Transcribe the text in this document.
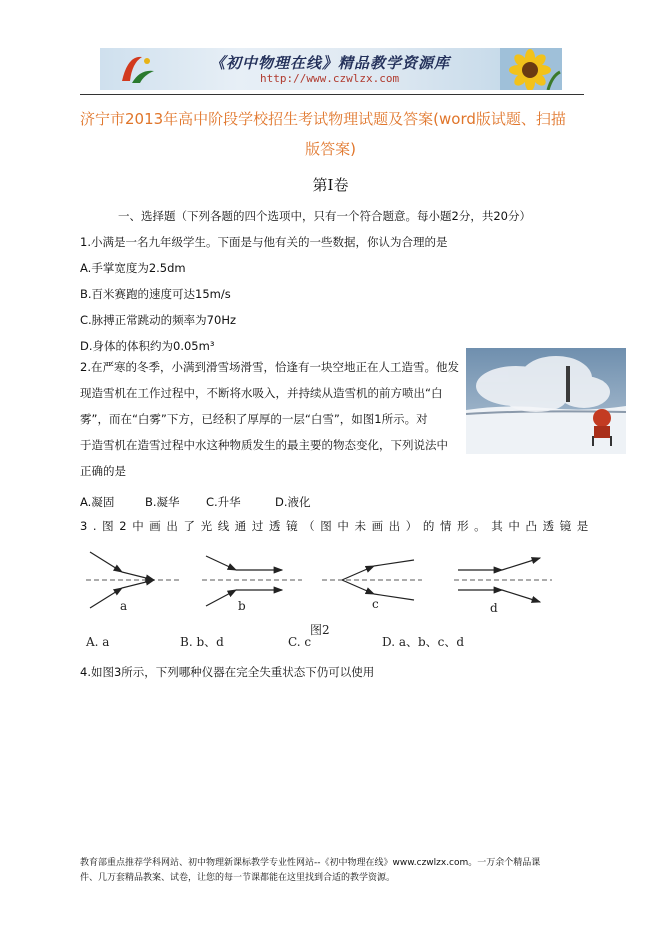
《初中物理在线》精品教学资源库
http://www.czwlzx.com
济宁市2013年高中阶段学校招生考试物理试题及答案(word版试题、扫描
版答案)
第Ⅰ卷
一、选择题（下列各题的四个选项中，只有一个符合题意。每小题2分，共20分）
1.小满是一名九年级学生。下面是与他有关的一些数据，你认为合理的是
A.手掌宽度为2.5dm
B.百米赛跑的速度可达15m/s
C.脉搏正常跳动的频率为70Hz
D.身体的体积约为0.05m³
2.在严寒的冬季，小满到滑雪场滑雪，恰逢有一块空地正在人工造雪。他发
现造雪机在工作过程中，不断将水吸入，并持续从造雪机的前方喷出“白
雾”，而在“白雾”下方，已经积了厚厚的一层“白雪”，如图1所示。对
于造雪机在造雪过程中水这种物质发生的最主要的物态变化，下列说法中
正确的是
A.凝固	B.凝华 C.升华	D.液化
3.图2中画出了光线通过透镜（图中未画出）的情形。其中凸透镜是
a	b	c	d
图2
A. a	B. b、d	C. c	D. a、b、c、d
4.如图3所示，下列哪种仪器在完全失重状态下仍可以使用
教育部重点推荐学科网站、初中物理新课标教学专业性网站--《初中物理在线》www.czwlzx.com。一万余个精品课
件、几万套精品教案、试卷，让您的每一节课都能在这里找到合适的教学资源。
